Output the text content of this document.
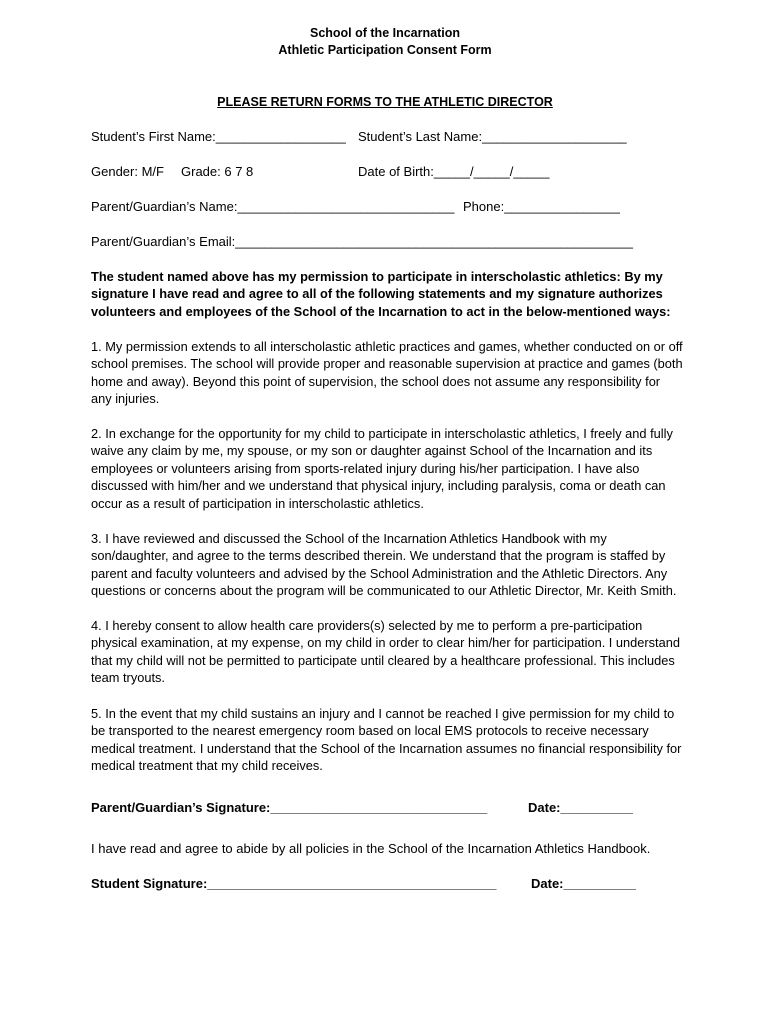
School of the Incarnation
Athletic Participation Consent Form
PLEASE RETURN FORMS TO THE ATHLETIC DIRECTOR
Student’s First Name:__________________ Student’s Last Name:____________________
Gender: M/F Grade: 6 7 8	Date of Birth:_____/_____/_____
Parent/Guardian’s Name:______________________________ Phone:________________
Parent/Guardian’s Email:_______________________________________________________
The student named above has my permission to participate in interscholastic athletics: By my signature I have read and agree to all of the following statements and my signature authorizes volunteers and employees of the School of the Incarnation to act in the below-mentioned ways:
1. My permission extends to all interscholastic athletic practices and games, whether conducted on or off school premises. The school will provide proper and reasonable supervision at practice and games (both home and away). Beyond this point of supervision, the school does not assume any responsibility for any injuries.
2. In exchange for the opportunity for my child to participate in interscholastic athletics, I freely and fully waive any claim by me, my spouse, or my son or daughter against School of the Incarnation and its employees or volunteers arising from sports-related injury during his/her participation. I have also discussed with him/her and we understand that physical injury, including paralysis, coma or death can occur as a result of participation in interscholastic athletics.
3. I have reviewed and discussed the School of the Incarnation Athletics Handbook with my son/daughter, and agree to the terms described therein. We understand that the program is staffed by parent and faculty volunteers and advised by the School Administration and the Athletic Directors. Any questions or concerns about the program will be communicated to our Athletic Director, Mr. Keith Smith.
4. I hereby consent to allow health care providers(s) selected by me to perform a pre-participation physical examination, at my expense, on my child in order to clear him/her for participation. I understand that my child will not be permitted to participate until cleared by a healthcare professional. This includes team tryouts.
5. In the event that my child sustains an injury and I cannot be reached I give permission for my child to be transported to the nearest emergency room based on local EMS protocols to receive necessary medical treatment. I understand that the School of the Incarnation assumes no financial responsibility for medical treatment that my child receives.
Parent/Guardian’s Signature:______________________________	Date:__________
I have read and agree to abide by all policies in the School of the Incarnation Athletics Handbook.
Student Signature:________________________________________	Date:__________
